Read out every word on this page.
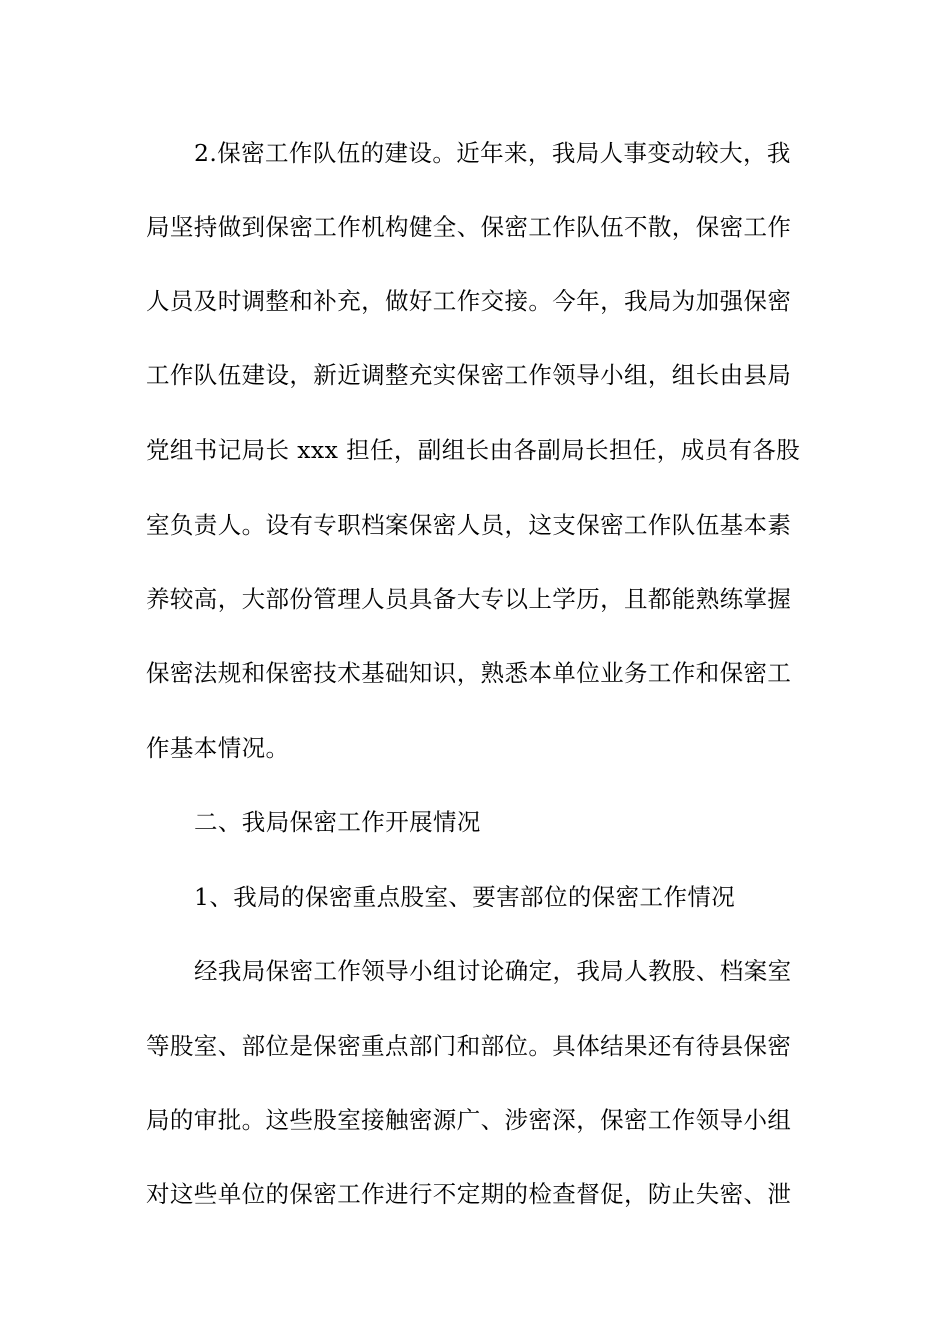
2.保密工作队伍的建设。近年来，我局人事变动较大，我
局坚持做到保密工作机构健全、保密工作队伍不散，保密工作
人员及时调整和补充，做好工作交接。今年，我局为加强保密
工作队伍建设，新近调整充实保密工作领导小组，组长由县局
党组书记局长 xxx 担任，副组长由各副局长担任，成员有各股
室负责人。设有专职档案保密人员，这支保密工作队伍基本素
养较高，大部份管理人员具备大专以上学历，且都能熟练掌握
保密法规和保密技术基础知识，熟悉本单位业务工作和保密工
作基本情况。
二、我局保密工作开展情况
1、我局的保密重点股室、要害部位的保密工作情况
经我局保密工作领导小组讨论确定，我局人教股、档案室
等股室、部位是保密重点部门和部位。具体结果还有待县保密
局的审批。这些股室接触密源广、涉密深，保密工作领导小组
对这些单位的保密工作进行不定期的检查督促，防止失密、泄
